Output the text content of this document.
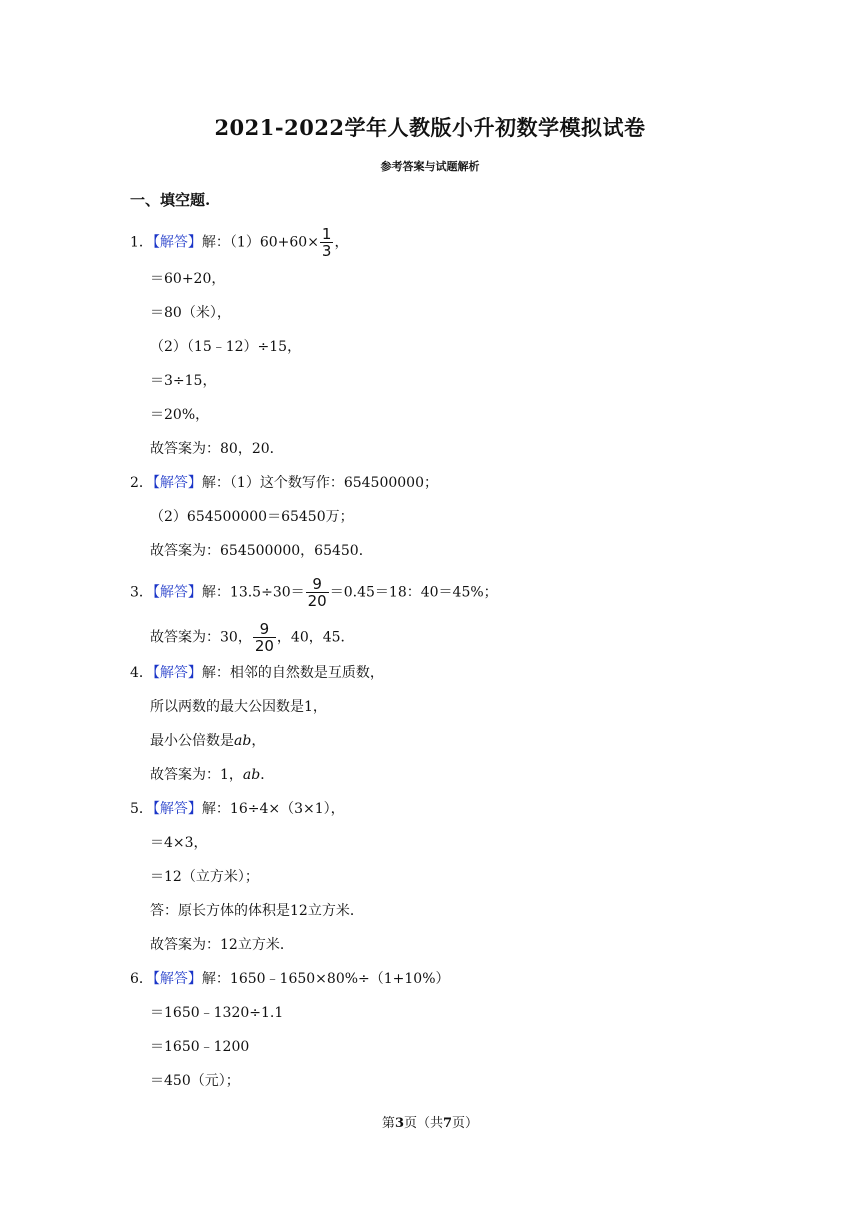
2021-2022学年人教版小升初数学模拟试卷
参考答案与试题解析
一、填空题.
1．【解答】解：$(1)60+60\times \frac{1}{3}$ ，
＝60+20，
＝80（米），
（2）（15﹣12）÷15，
＝3÷15，
＝20%，
故答案为：80，20．
2．【解答】解：（1）这个数写作：654500000；
（2）654500000＝65450万；
故答案为：654500000，65450．
3．【解答】解：$13.5\div 30= \frac{9}{20} =0.45=18$：40＝45%；
故答案为：30， $\frac{9}{20}$ ，40，45．
4．【解答】解：相邻的自然数是互质数，
所以两数的最大公因数是1，
最小公倍数是ab，
故答案为：1，ab．
5．【解答】解：16÷4×（3×1），
＝4×3，
＝12（立方米）；
答：原长方体的体积是12立方米．
故答案为：12立方米．
6．【解答】解：1650﹣1650×80%÷（1+10%）
＝1650﹣1320÷1.1
＝1650﹣1200
＝450（元）；
第3页（共7页）
